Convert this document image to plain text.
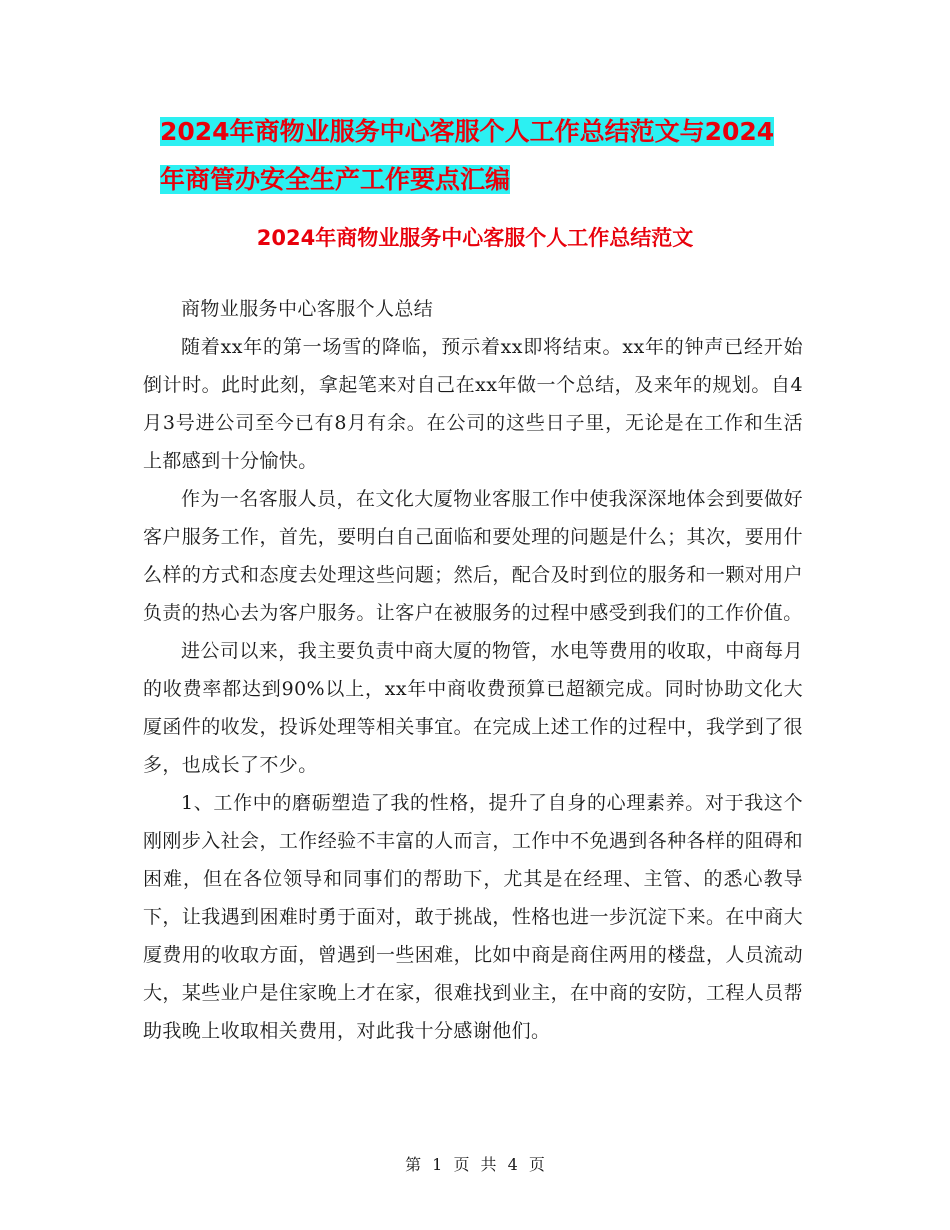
2024年商物业服务中心客服个人工作总结范文与2024
年商管办安全生产工作要点汇编
2024年商物业服务中心客服个人工作总结范文

商物业服务中心客服个人总结

随着xx年的第一场雪的降临，预示着xx即将结束。xx年的钟声已经开始倒计时。此时此刻，拿起笔来对自己在xx年做一个总结，及来年的规划。自4月3号进公司至今已有8月有余。在公司的这些日子里，无论是在工作和生活上都感到十分愉快。

作为一名客服人员，在文化大厦物业客服工作中使我深深地体会到要做好客户服务工作，首先，要明白自己面临和要处理的问题是什么；其次，要用什么样的方式和态度去处理这些问题；然后，配合及时到位的服务和一颗对用户负责的热心去为客户服务。让客户在被服务的过程中感受到我们的工作价值。

进公司以来，我主要负责中商大厦的物管，水电等费用的收取，中商每月的收费率都达到90%以上，xx年中商收费预算已超额完成。同时协助文化大厦函件的收发，投诉处理等相关事宜。在完成上述工作的过程中，我学到了很多，也成长了不少。

1、工作中的磨砺塑造了我的性格，提升了自身的心理素养。对于我这个刚刚步入社会，工作经验不丰富的人而言，工作中不免遇到各种各样的阻碍和困难，但在各位领导和同事们的帮助下，尤其是在经理、主管、的悉心教导下，让我遇到困难时勇于面对，敢于挑战，性格也进一步沉淀下来。在中商大厦费用的收取方面，曾遇到一些困难，比如中商是商住两用的楼盘，人员流动大，某些业户是住家晚上才在家，很难找到业主，在中商的安防，工程人员帮助我晚上收取相关费用，对此我十分感谢他们。

第 1 页 共 4 页
